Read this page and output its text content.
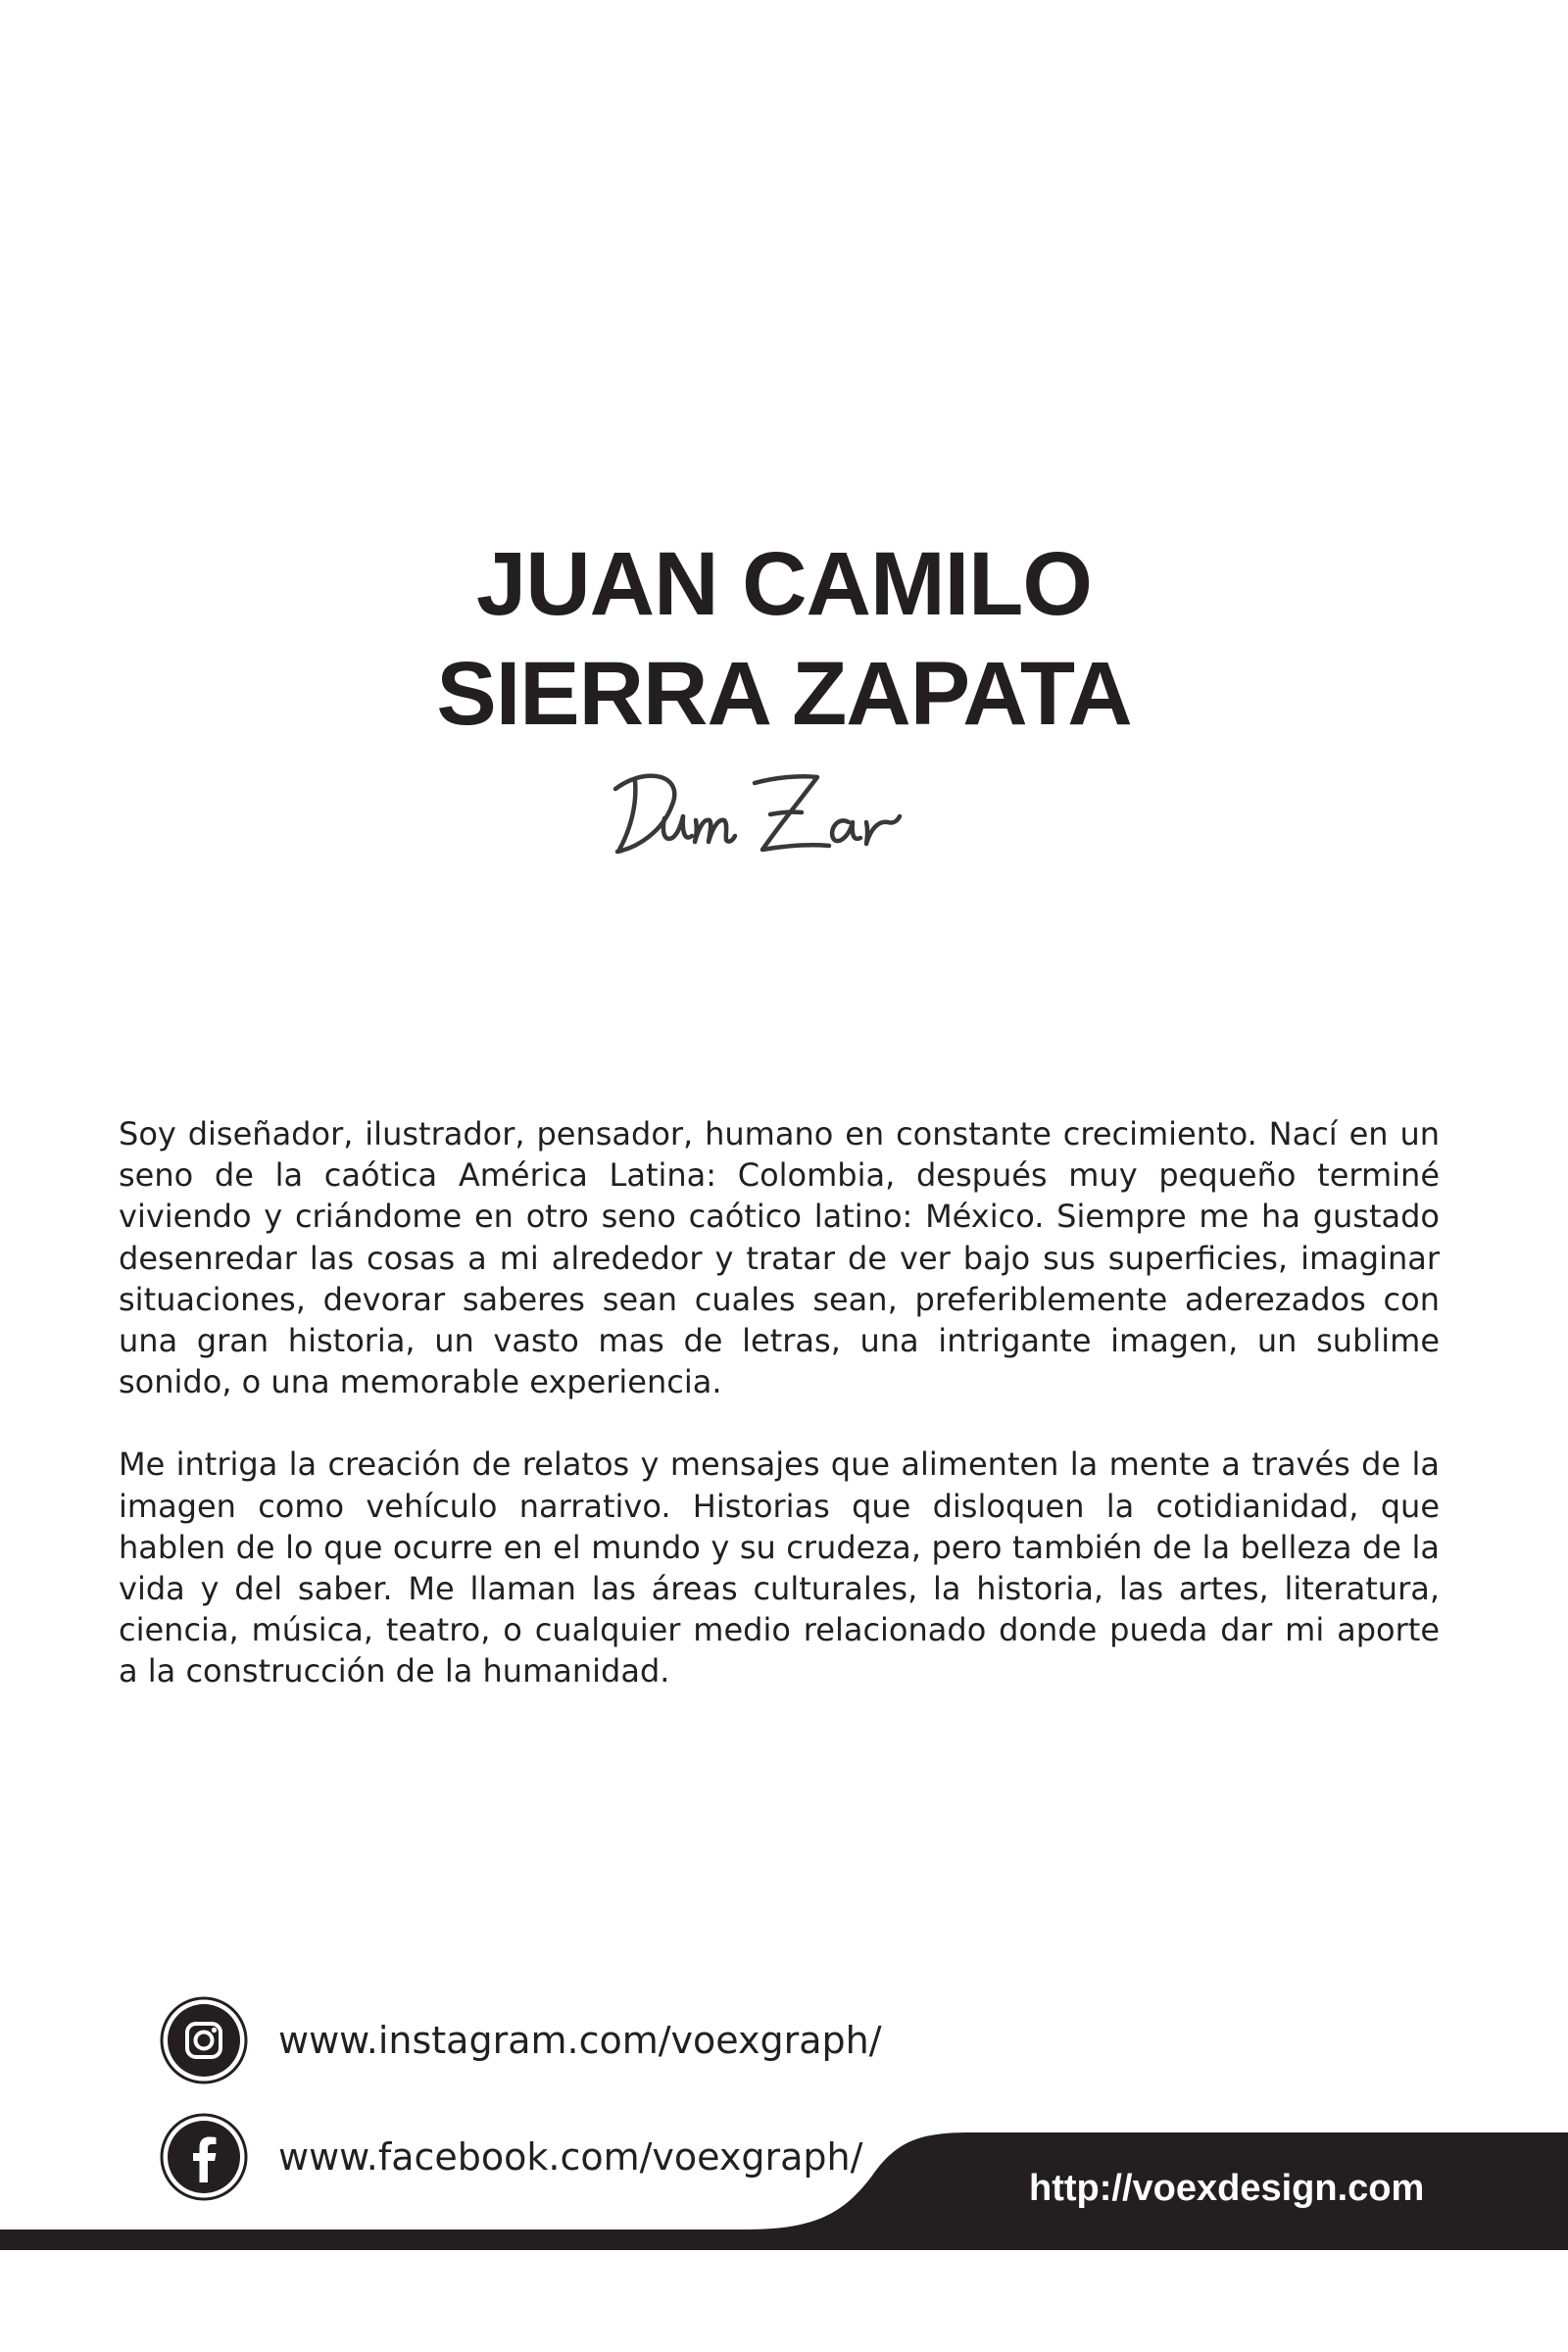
JUAN CAMILO
SIERRA ZAPATA

Soy diseñador, ilustrador, pensador, humano en constante crecimiento. Nací en un seno de la caótica América Latina: Colombia, después muy pequeño terminé viviendo y criándome en otro seno caótico latino: México. Siempre me ha gustado desenredar las cosas a mi alrededor y tratar de ver bajo sus superficies, imaginar situaciones, devorar saberes sean cuales sean, preferiblemente aderezados con una gran historia, un vasto mas de letras, una intrigante imagen, un sublime sonido, o una memorable experiencia.

Me intriga la creación de relatos y mensajes que alimenten la mente a través de la imagen como vehículo narrativo. Historias que disloquen la cotidianidad, que hablen de lo que ocurre en el mundo y su crudeza, pero también de la belleza de la vida y del saber. Me llaman las áreas culturales, la historia, las artes, literatura, ciencia, música, teatro, o cualquier medio relacionado donde pueda dar mi aporte a la construcción de la humanidad.

www.instagram.com/voexgraph/
www.facebook.com/voexgraph/
http://voexdesign.com
